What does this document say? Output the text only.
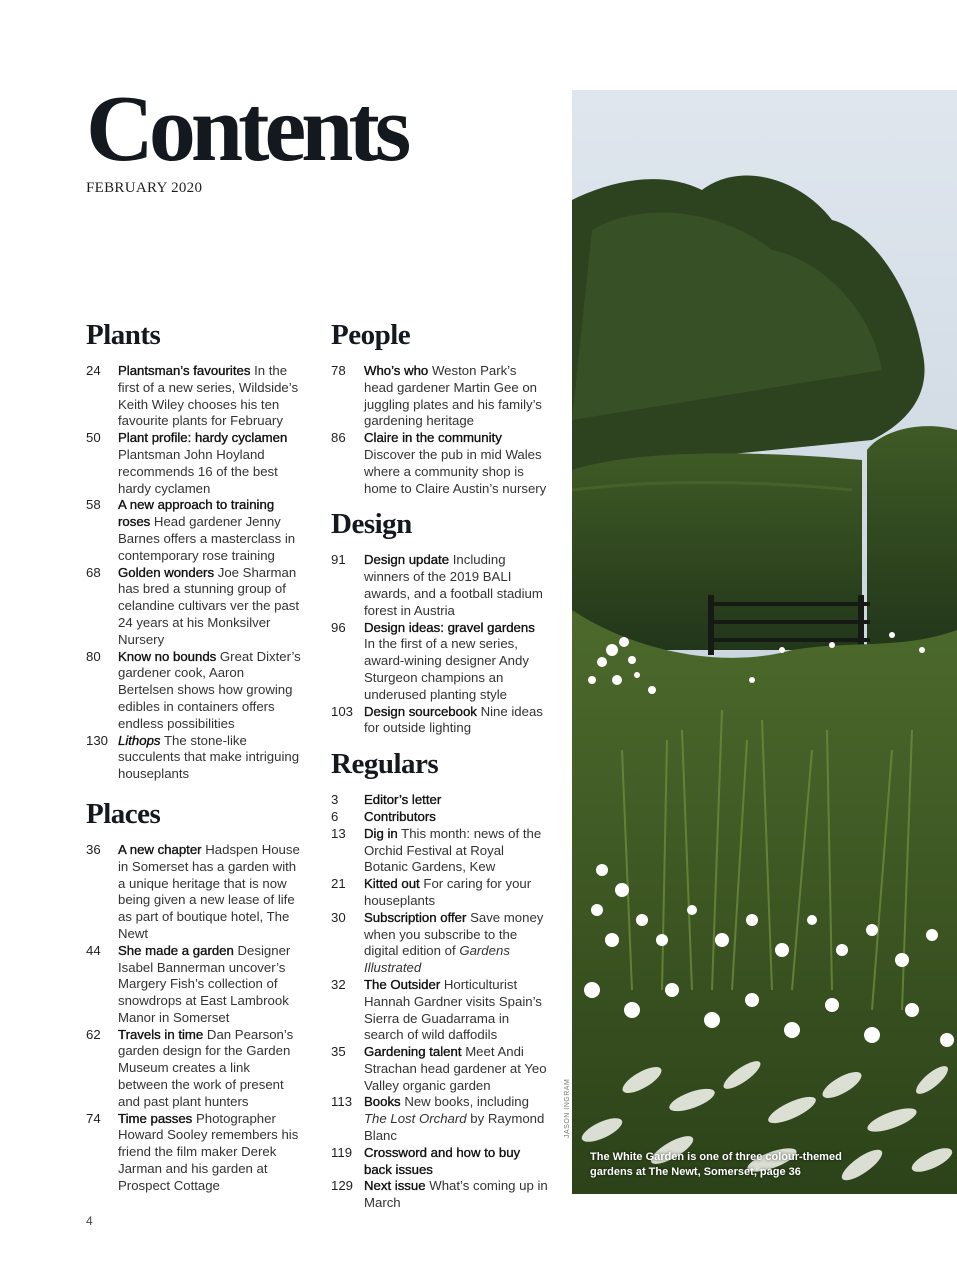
Contents
FEBRUARY 2020
Plants
24	Plantsman’s favourites In the first of a new series, Wildside’s Keith Wiley chooses his ten favourite plants for February
50	Plant profile: hardy cyclamen Plantsman John Hoyland recommends 16 of the best hardy cyclamen
58	A new approach to training roses Head gardener Jenny Barnes offers a masterclass in contemporary rose training
68	Golden wonders Joe Sharman has bred a stunning group of celandine cultivars ver the past 24 years at his Monksilver Nursery
80	Know no bounds Great Dixter’s gardener cook, Aaron Bertelsen shows how growing edibles in containers offers endless possibilities
130 Lithops The stone-like succulents that make intriguing houseplants
Places
36	A new chapter Hadspen House in Somerset has a garden with a unique heritage that is now being given a new lease of life as part of boutique hotel, The Newt
44	She made a garden Designer Isabel Bannerman uncover’s Margery Fish’s collection of snowdrops at East Lambrook Manor in Somerset
62	Travels in time Dan Pearson’s garden design for the Garden Museum creates a link between the work of present and past plant hunters
74	Time passes Photographer Howard Sooley remembers his friend the film maker Derek Jarman and his garden at Prospect Cottage
People
78	Who’s who Weston Park’s head gardener Martin Gee on juggling plates and his family’s gardening heritage
86	Claire in the community Discover the pub in mid Wales where a community shop is home to Claire Austin’s nursery
Design
91	Design update Including winners of the 2019 BALI awards, and a football stadium forest in Austria
96	Design ideas: gravel gardens In the first of a new series, award-wining designer Andy Sturgeon champions an underused planting style
103 Design sourcebook Nine ideas for outside lighting
Regulars
3	Editor’s letter
6	Contributors
13	Dig in This month: news of the Orchid Festival at Royal Botanic Gardens, Kew
21	Kitted out For caring for your houseplants
30	Subscription offer Save money when you subscribe to the digital edition of Gardens Illustrated
32	The Outsider Horticulturist Hannah Gardner visits Spain’s Sierra de Guadarrama in search of wild daffodils
35	Gardening talent Meet Andi Strachan head gardener at Yeo Valley organic garden
113 Books New books, including The Lost Orchard by Raymond Blanc
119 Crossword and how to buy back issues
129 Next issue What’s coming up in March
The White Garden is one of three colour-themed gardens at The Newt, Somerset, page 36
JASON INGRAM
4
